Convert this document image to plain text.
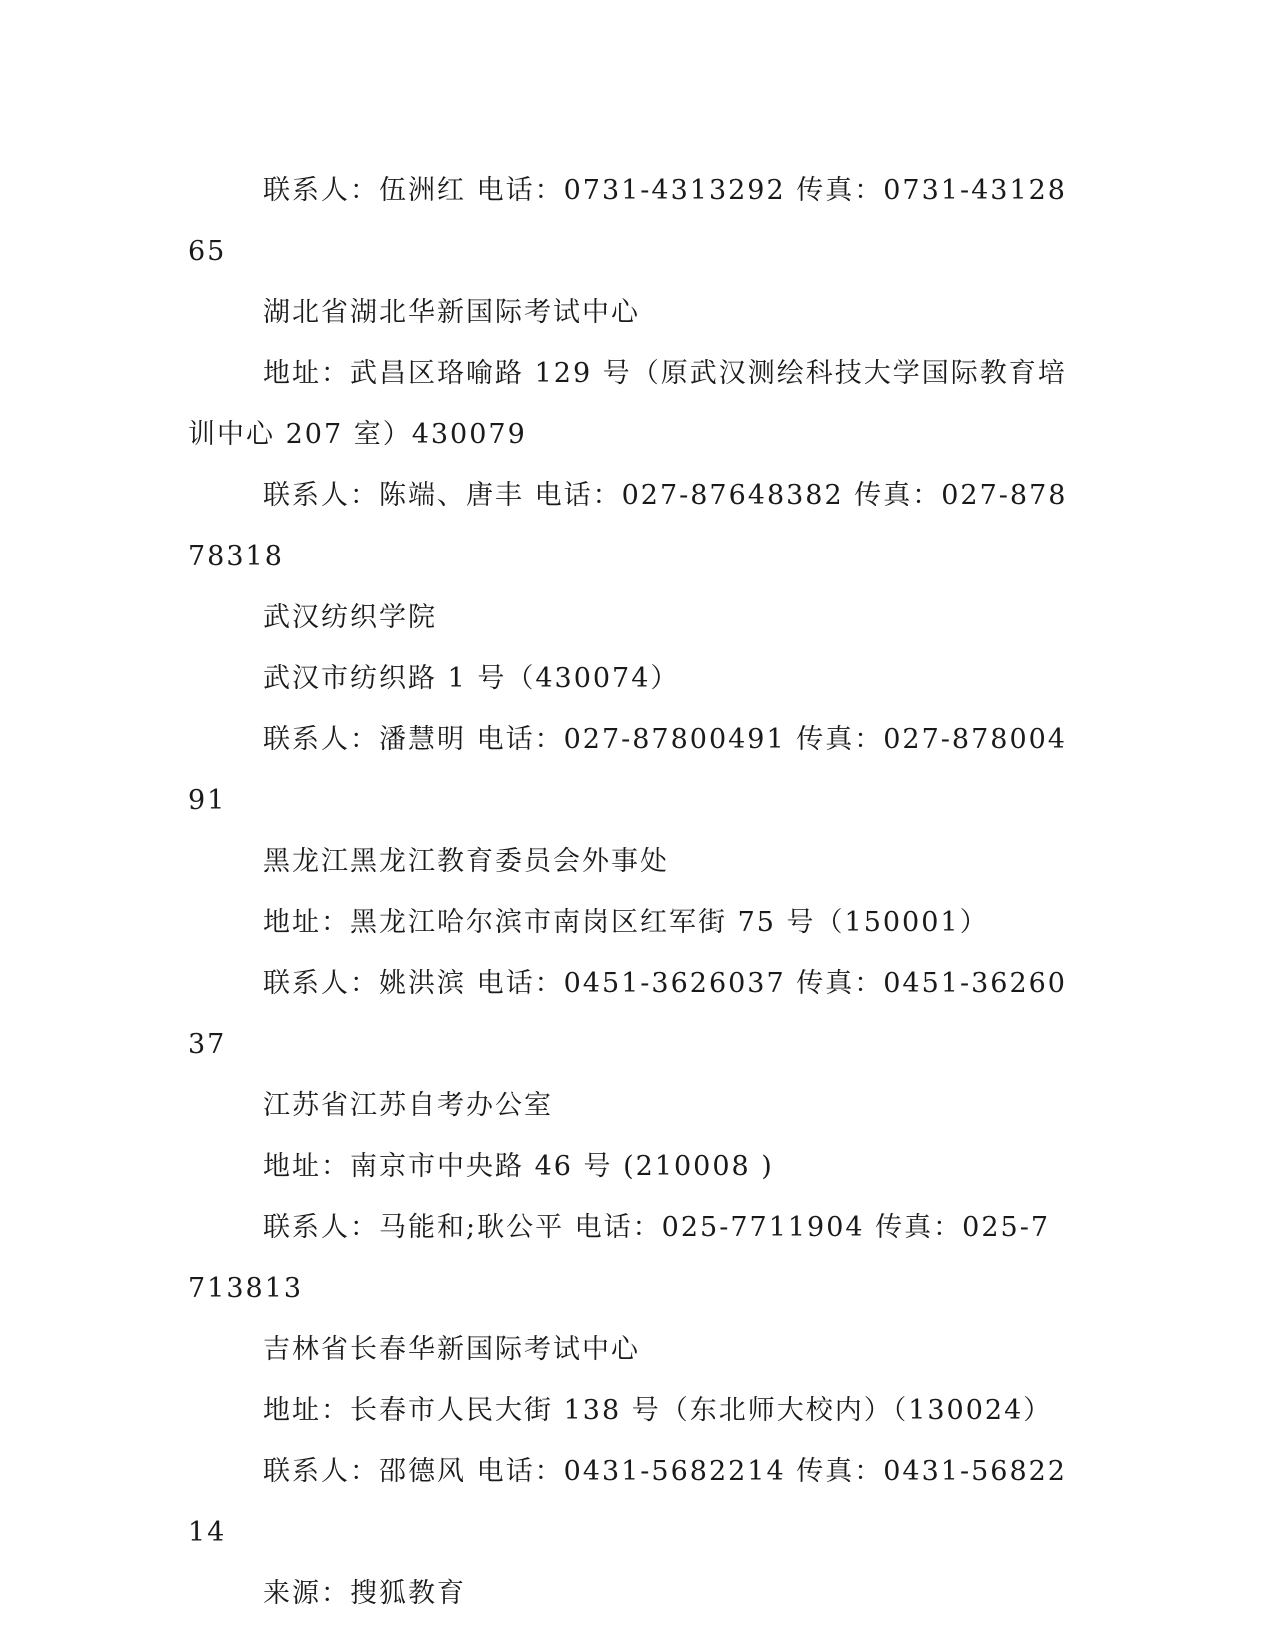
联系人：伍洲红 电话：0731-4313292 传真：0731-4312865

湖北省湖北华新国际考试中心

地址：武昌区珞喻路 129 号（原武汉测绘科技大学国际教育培训中心 207 室）430079

联系人：陈端、唐丰 电话：027-87648382 传真：027-87878318

武汉纺织学院

武汉市纺织路 1 号（430074）

联系人：潘慧明 电话：027-87800491 传真：027-87800491

黑龙江黑龙江教育委员会外事处

地址：黑龙江哈尔滨市南岗区红军街 75 号（150001）

联系人：姚洪滨 电话：0451-3626037 传真：0451-3626037

江苏省江苏自考办公室

地址：南京市中央路 46 号 (210008 )

联系人：马能和;耿公平 电话：025-7711904 传真：025-7713813

吉林省长春华新国际考试中心

地址：长春市人民大街 138 号（东北师大校内）（130024）

联系人：邵德风 电话：0431-5682214 传真：0431-5682214

来源：搜狐教育
